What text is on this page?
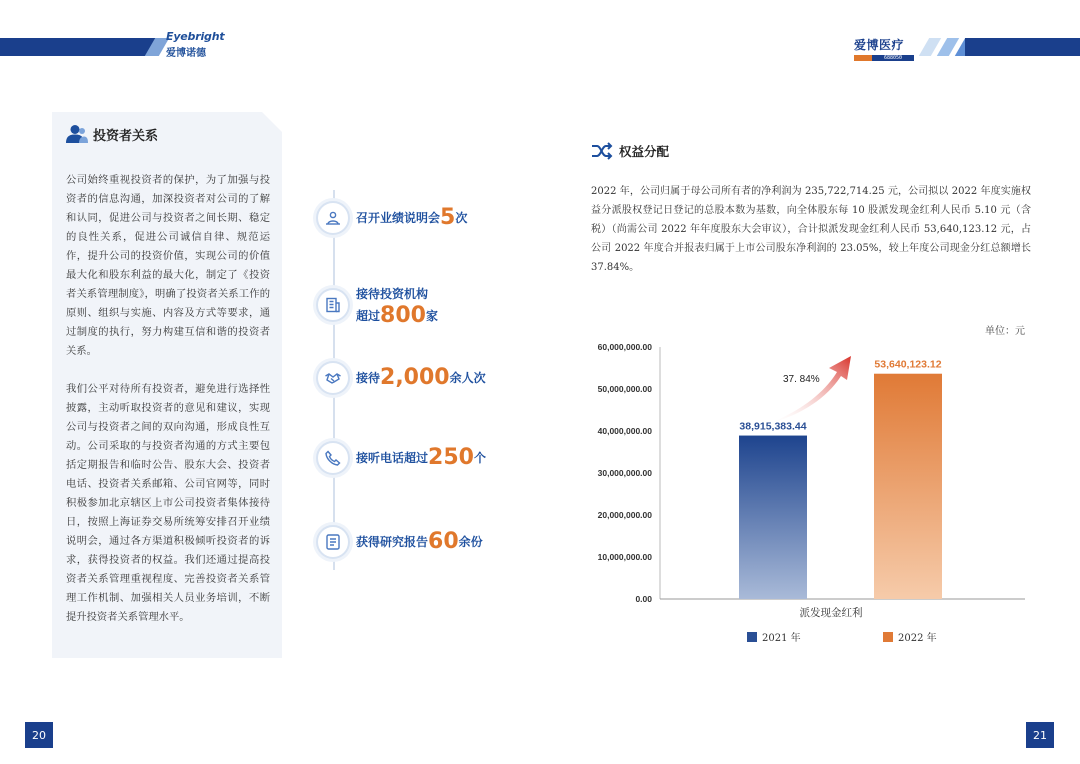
Eyebright
爱博诺德
爱博医疗
688050
投资者关系

公司始终重视投资者的保护，为了加强与投资者的信息沟通，加深投资者对公司的了解和认同，促进公司与投资者之间长期、稳定的良性关系，促进公司诚信自律、规范运作，提升公司的投资价值，实现公司的价值最大化和股东利益的最大化，制定了《投资者关系管理制度》，明确了投资者关系工作的原则、组织与实施、内容及方式等要求，通过制度的执行，努力构建互信和谐的投资者关系。

我们公平对待所有投资者，避免进行选择性披露，主动听取投资者的意见和建议，实现公司与投资者之间的双向沟通，形成良性互动。公司采取的与投资者沟通的方式主要包括定期报告和临时公告、股东大会、投资者电话、投资者关系邮箱、公司官网等，同时积极参加北京辖区上市公司投资者集体接待日，按照上海证券交易所统筹安排召开业绩说明会，通过各方渠道积极倾听投资者的诉求，获得投资者的权益。我们还通过提高投资者关系管理重视程度、完善投资者关系管理工作机制、加强相关人员业务培训，不断提升投资者关系管理水平。

召开业绩说明会5次
接待投资机构
超过800家
接待2,000余人次
接听电话超过250个
获得研究报告60余份
权益分配
2022 年，公司归属于母公司所有者的净利润为 235,722,714.25 元，公司拟以 2022 年度实施权益分派股权登记日登记的总股本数为基数，向全体股东每 10 股派发现金红利人民币 5.10 元（含税）（尚需公司 2022 年年度股东大会审议），合计拟派发现金红利人民币 53,640,123.12 元，占公司 2022 年度合并报表归属于上市公司股东净利润的 23.05%，较上年度公司现金分红总额增长 37.84%。
单位：元
0.00
10,000,000.00
20,000,000.00
30,000,000.00
40,000,000.00
50,000,000.00
60,000,000.00
38,915,383.44
53,640,123.12
37. 84%
派发现金红利
2021 年	2022 年
20	21
